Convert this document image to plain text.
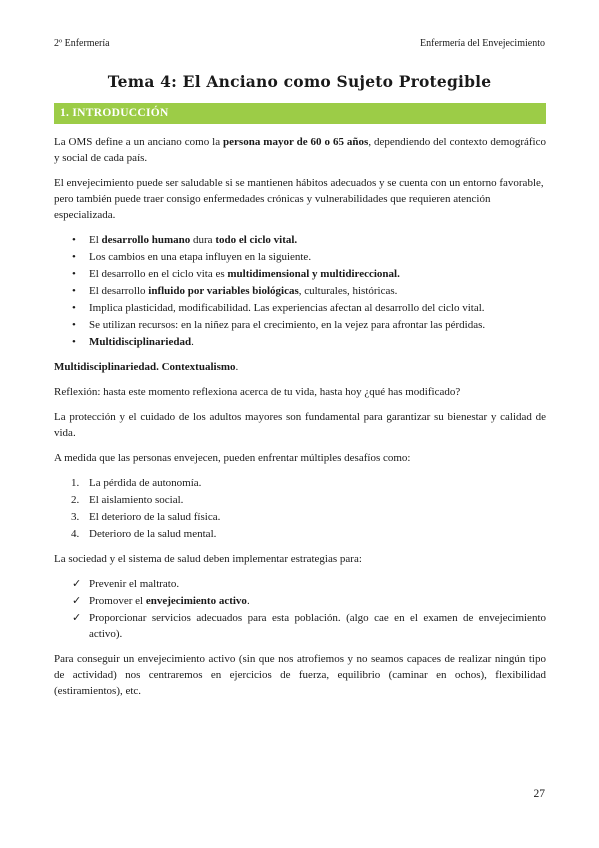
2º Enfermería	Enfermería del Envejecimiento
Tema 4: El Anciano como Sujeto Protegible
1. INTRODUCCIÓN

La OMS define a un anciano como la persona mayor de 60 o 65 años, dependiendo del contexto demográfico y social de cada país.

El envejecimiento puede ser saludable si se mantienen hábitos adecuados y se cuenta con un entorno favorable, pero también puede traer consigo enfermedades crónicas y vulnerabilidades que requieren atención especializada.

• El desarrollo humano dura todo el ciclo vital.
• Los cambios en una etapa influyen en la siguiente.
• El desarrollo en el ciclo vita es multidimensional y multidireccional.
• El desarrollo influido por variables biológicas, culturales, históricas.
• Implica plasticidad, modificabilidad. Las experiencias afectan al desarrollo del ciclo vital.
• Se utilizan recursos: en la niñez para el crecimiento, en la vejez para afrontar las pérdidas.
• Multidisciplinariedad.

Multidisciplinariedad. Contextualismo.

Reflexión: hasta este momento reflexiona acerca de tu vida, hasta hoy ¿qué has modificado?

La protección y el cuidado de los adultos mayores son fundamental para garantizar su bienestar y calidad de vida.

A medida que las personas envejecen, pueden enfrentar múltiples desafíos como:

1. La pérdida de autonomía.
2. El aislamiento social.
3. El deterioro de la salud física.
4. Deterioro de la salud mental.

La sociedad y el sistema de salud deben implementar estrategias para:

✓ Prevenir el maltrato.
✓ Promover el envejecimiento activo.
✓ Proporcionar servicios adecuados para esta población. (algo cae en el examen de envejecimiento activo).

Para conseguir un envejecimiento activo (sin que nos atrofiemos y no seamos capaces de realizar ningún tipo de actividad) nos centraremos en ejercicios de fuerza, equilibrio (caminar en ochos), flexibilidad (estiramientos), etc.

27
